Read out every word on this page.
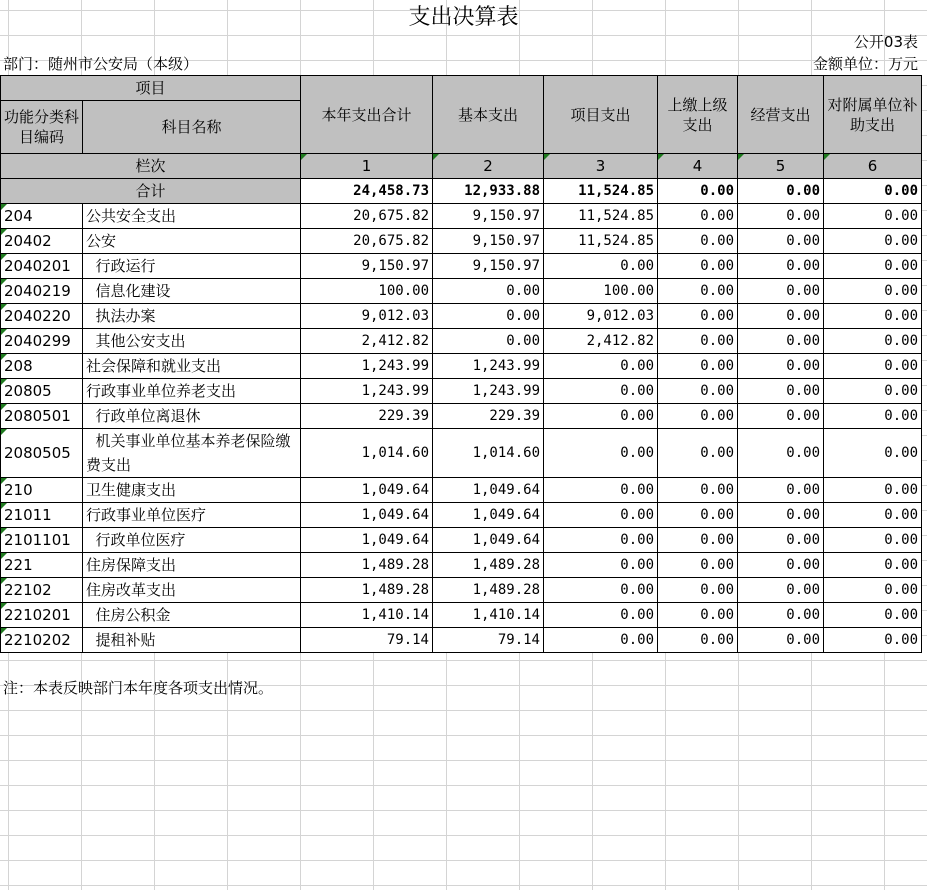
支出决算表
公开03表
部门：随州市公安局（本级）	金额单位：万元
项目		本年支出合计	基本支出	项目支出	上缴上级支出	经营支出	对附属单位补助支出
功能分类科目编码	科目名称						

栏次		1	2	3	4	5	6
合计		24,458.73	12,933.88	11,524.85	0.00	0.00	0.00
204	公共安全支出	20,675.82	9,150.97	11,524.85	0.00	0.00	0.00
20402	公安	20,675.82	9,150.97	11,524.85	0.00	0.00	0.00
2040201	行政运行	9,150.97	9,150.97	0.00	0.00	0.00	0.00
2040219	信息化建设	100.00	0.00	100.00	0.00	0.00	0.00
2040220	执法办案	9,012.03	0.00	9,012.03	0.00	0.00	0.00
2040299	其他公安支出	2,412.82	0.00	2,412.82	0.00	0.00	0.00
208	社会保障和就业支出	1,243.99	1,243.99	0.00	0.00	0.00	0.00
20805	行政事业单位养老支出	1,243.99	1,243.99	0.00	0.00	0.00	0.00
2080501	行政单位离退休	229.39	229.39	0.00	0.00	0.00	0.00
2080505	机关事业单位基本养老保险缴费支出	1,014.60	1,014.60	0.00	0.00	0.00	0.00
210	卫生健康支出	1,049.64	1,049.64	0.00	0.00	0.00	0.00
21011	行政事业单位医疗	1,049.64	1,049.64	0.00	0.00	0.00	0.00
2101101	行政单位医疗	1,049.64	1,049.64	0.00	0.00	0.00	0.00
221	住房保障支出	1,489.28	1,489.28	0.00	0.00	0.00	0.00
22102	住房改革支出	1,489.28	1,489.28	0.00	0.00	0.00	0.00
2210201	住房公积金	1,410.14	1,410.14	0.00	0.00	0.00	0.00
2210202	提租补贴	79.14	79.14	0.00	0.00	0.00	0.00
注：本表反映部门本年度各项支出情况。
